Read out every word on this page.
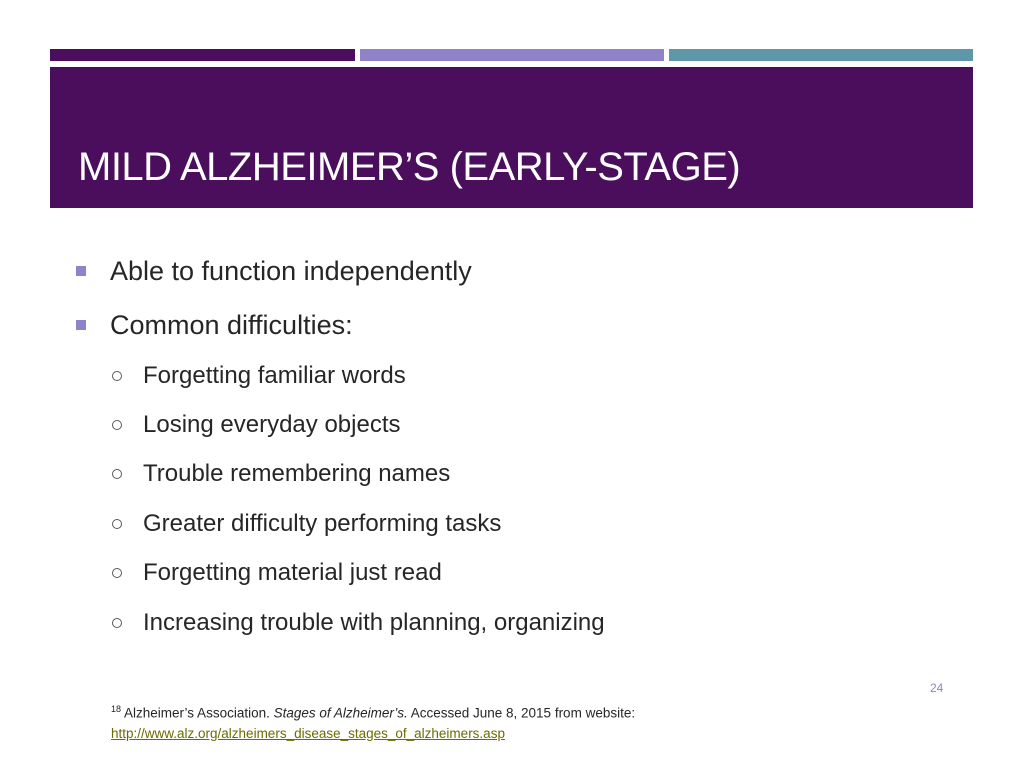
MILD ALZHEIMER’S (EARLY-STAGE)
Able to function independently
Common difficulties:
Forgetting familiar words
Losing everyday objects
Trouble remembering names
Greater difficulty performing tasks
Forgetting material just read
Increasing trouble with planning, organizing
24
$^{18}$ Alzheimer’s Association. Stages of Alzheimer’s. Accessed June 8, 2015 from website:
http://www.alz.org/alzheimers_disease_stages_of_alzheimers.asp
